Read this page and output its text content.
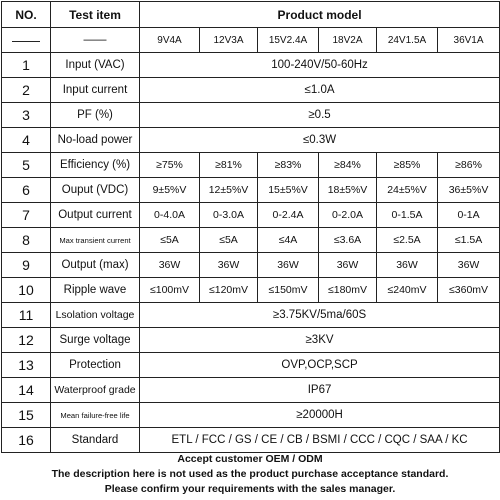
NO.	Test item	Product model					
——	——	9V4A	12V3A	15V2.4A	18V2A	24V1.5A	36V1A
1	Input (VAC)	100-240V/50-60Hz					
2	Input current	≤1.0A					
3	PF (%)	≥0.5					
4	No-load power	≤0.3W					
5	Efficiency (%)	≥75%	≥81%	≥83%	≥84%	≥85%	≥86%
6	Ouput (VDC)	9±5%V	12±5%V	15±5%V	18±5%V	24±5%V	36±5%V
7	Output current	0-4.0A	0-3.0A	0-2.4A	0-2.0A	0-1.5A	0-1A
8	Max transient current	≤5A	≤5A	≤4A	≤3.6A	≤2.5A	≤1.5A
9	Output (max)	36W	36W	36W	36W	36W	36W
10	Ripple wave	≤100mV	≤120mV	≤150mV	≤180mV	≤240mV	≤360mV
11	Lsolation voltage	≥3.75KV/5ma/60S					
12	Surge voltage	≥3KV					
13	Protection	OVP,OCP,SCP					
14	Waterproof grade	IP67					
15	Mean failure-free life	≥20000H					
16	Standard	ETL / FCC / GS / CE / CB / BSMI / CCC / CQC / SAA / KC					
Accept customer OEM / ODM
The description here is not used as the product purchase acceptance standard.
Please confirm your requirements with the sales manager.
